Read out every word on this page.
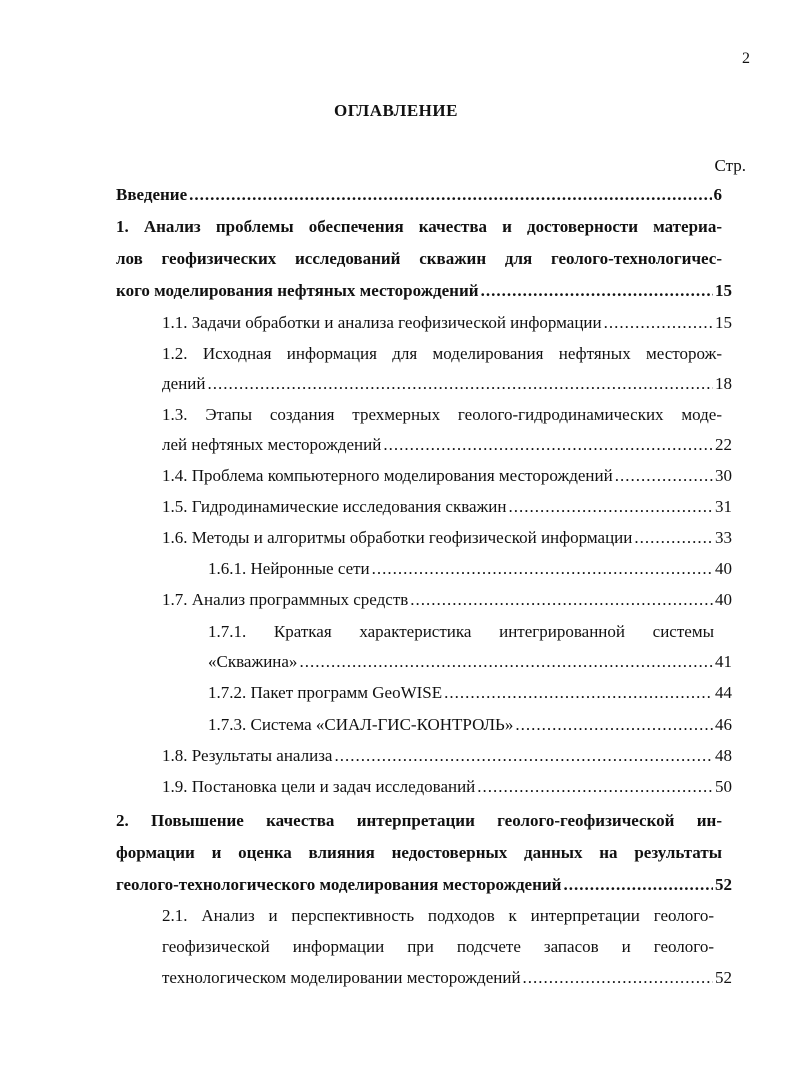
2
ОГЛАВЛЕНИЕ
Стр.
Введение .....	6
1. Анализ проблемы обеспечения качества и достоверности материа-
лов геофизических исследований скважин для геолого-технологичес-
кого моделирования нефтяных месторождений .....	15
1.1. Задачи обработки и анализа геофизической информации .....	15
1.2. Исходная информация для моделирования нефтяных месторож-
дений .....	18
1.3. Этапы создания трехмерных геолого-гидродинамических моде-
лей нефтяных месторождений .....	22
1.4. Проблема компьютерного моделирования месторождений .....	30
1.5. Гидродинамические исследования скважин .....	31
1.6. Методы и алгоритмы обработки геофизической информации .....	33
1.6.1. Нейронные сети .....	40
1.7. Анализ программных средств .....	40
1.7.1. Краткая характеристика интегрированной системы
«Скважина» .....	41
1.7.2. Пакет программ GeoWISE .....	44
1.7.3. Система «СИАЛ-ГИС-КОНТРОЛЬ» .....	46
1.8. Результаты анализа .....	48
1.9. Постановка цели и задач исследований .....	50
2. Повышение качества интерпретации геолого-геофизической ин-
формации и оценка влияния недостоверных данных на результаты
геолого-технологического моделирования месторождений .....	52
2.1. Анализ и перспективность подходов к интерпретации геолого-
геофизической информации при подсчете запасов и геолого-
технологическом моделировании месторождений .....	52
